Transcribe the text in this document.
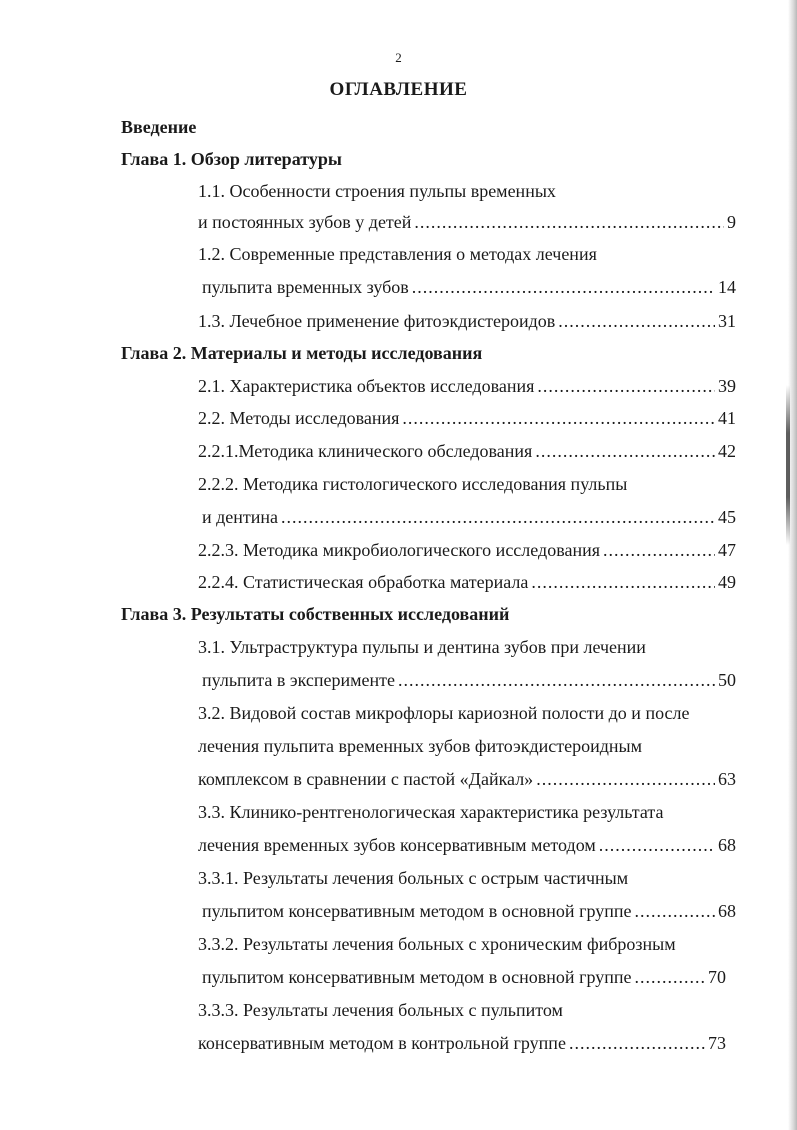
2
ОГЛАВЛЕНИЕ
Введение
Глава 1. Обзор литературы
1.1. Особенности строения пульпы временных
и постоянных зубов у детей .....	9
1.2. Современные представления о методах лечения
пульпита временных зубов .....	14
1.3. Лечебное применение фитоэкдистероидов .....	31
Глава 2. Материалы и методы исследования
2.1. Характеристика объектов исследования .....	39
2.2. Методы исследования .....	41
2.2.1.Методика клинического обследования .....	42
2.2.2. Методика гистологического исследования пульпы
и дентина .....	45
2.2.3. Методика микробиологического исследования .....	47
2.2.4. Статистическая обработка материала .....	49
Глава 3. Результаты собственных исследований
3.1. Ультраструктура пульпы и дентина зубов при лечении
пульпита в эксперименте .....	50
3.2. Видовой состав микрофлоры кариозной полости до и после
лечения пульпита временных зубов фитоэкдистероидным
комплексом в сравнении с пастой «Дайкал» .....	63
3.3. Клинико-рентгенологическая характеристика результата
лечения временных зубов консервативным методом .....	68
3.3.1. Результаты лечения больных с острым частичным
пульпитом консервативным методом в основной группе .....	68
3.3.2. Результаты лечения больных с хроническим фиброзным
пульпитом консервативным методом в основной группе .....	70
3.3.3. Результаты лечения больных с пульпитом
консервативным методом в контрольной группе .....	73
